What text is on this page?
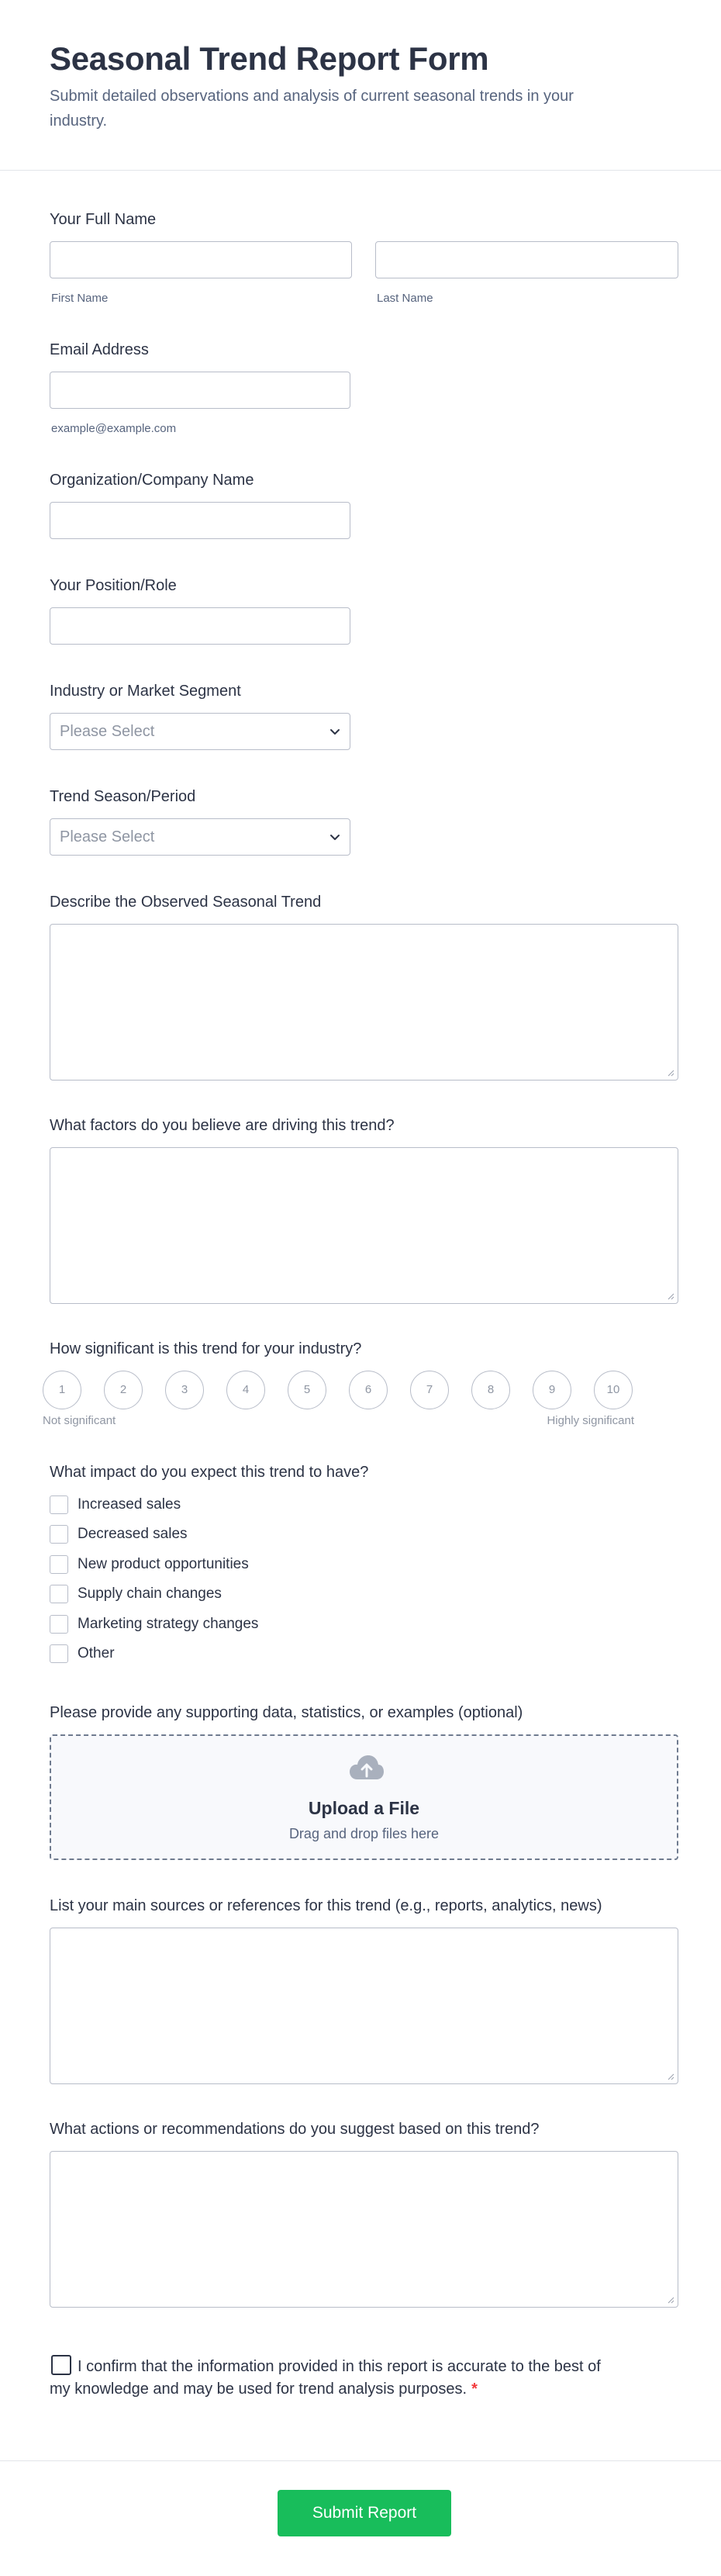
Seasonal Trend Report Form

Submit detailed observations and analysis of current seasonal trends in your industry.

Your Full Name
First Name	Last Name
Email Address
example@example.com
Organization/Company Name
Your Position/Role
Industry or Market Segment
Please Select
Trend Season/Period
Please Select
Describe the Observed Seasonal Trend
What factors do you believe are driving this trend?
How significant is this trend for your industry?
1	2	3	4	5	6	7	8	9	10
Not significant	Highly significant
What impact do you expect this trend to have?
Increased sales
Decreased sales
New product opportunities
Supply chain changes
Marketing strategy changes
Other
Please provide any supporting data, statistics, or examples (optional)
Upload a File
Drag and drop files here
List your main sources or references for this trend (e.g., reports, analytics, news)
What actions or recommendations do you suggest based on this trend?
I confirm that the information provided in this report is accurate to the best of my knowledge and may be used for trend analysis purposes. *
Submit Report
